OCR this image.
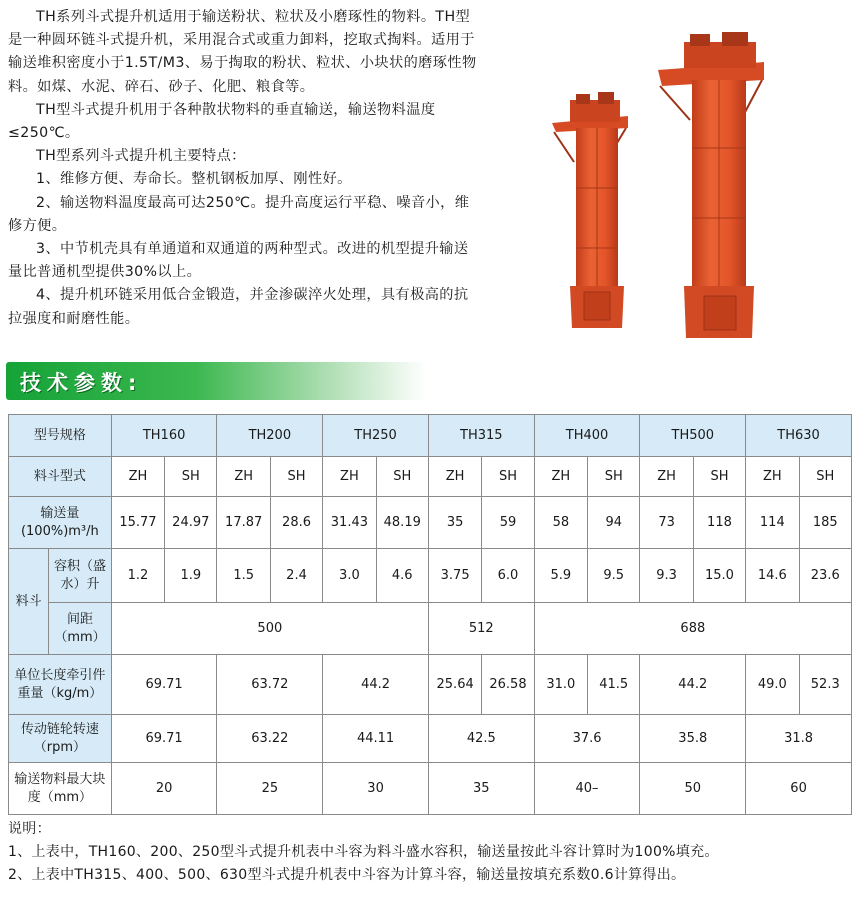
TH系列斗式提升机适用于输送粉状、粒状及小磨琢性的物料。TH型是一种圆环链斗式提升机，采用混合式或重力卸料，挖取式掏料。适用于输送堆积密度小于1.5T/M3、易于掏取的粉状、粒状、小块状的磨琢性物料。如煤、水泥、碎石、砂子、化肥、粮食等。

TH型斗式提升机用于各种散状物料的垂直输送，输送物料温度≤250℃。

TH型系列斗式提升机主要特点：

1、维修方便、寿命长。整机钢板加厚、刚性好。

2、输送物料温度最高可达250℃。提升高度运行平稳、噪音小，维修方便。

3、中节机壳具有单通道和双通道的两种型式。改进的机型提升输送量比普通机型提供30%以上。

4、提升机环链采用低合金锻造，并金渗碳淬火处理，具有极高的抗拉强度和耐磨性能。

技术参数:
型号规格		TH160		TH200		TH250		TH315		TH400		TH500		TH630	
料斗型式		ZH	SH	ZH	SH	ZH	SH	ZH	SH	ZH	SH	ZH	SH	ZH	SH

输送量
(100%)m³/h		15.77	24.97	17.87	28.6	31.43	48.19	35	59	58	94	73	118	114	185
料斗	容积（盛水）升	1.2	1.9	1.5	2.4	3.0	4.6	3.75	6.0	5.9	9.5	9.3	15.0	14.6	23.6
	间距（mm）	500						512		688					
单位长度牵引件重量（kg/m）		69.71		63.72		44.2		25.64	26.58	31.0	41.5	44.2		49.0	52.3
传动链轮转速（rpm）		69.71		63.22		44.11		42.5		37.6		35.8		31.8	
输送物料最大块度（mm）		20		25		30		35		40–		50		60	

说明：

1、上表中，TH160、200、250型斗式提升机表中斗容为料斗盛水容积，输送量按此斗容计算时为100%填充。

2、上表中TH315、400、500、630型斗式提升机表中斗容为计算斗容，输送量按填充系数0.6计算得出。
